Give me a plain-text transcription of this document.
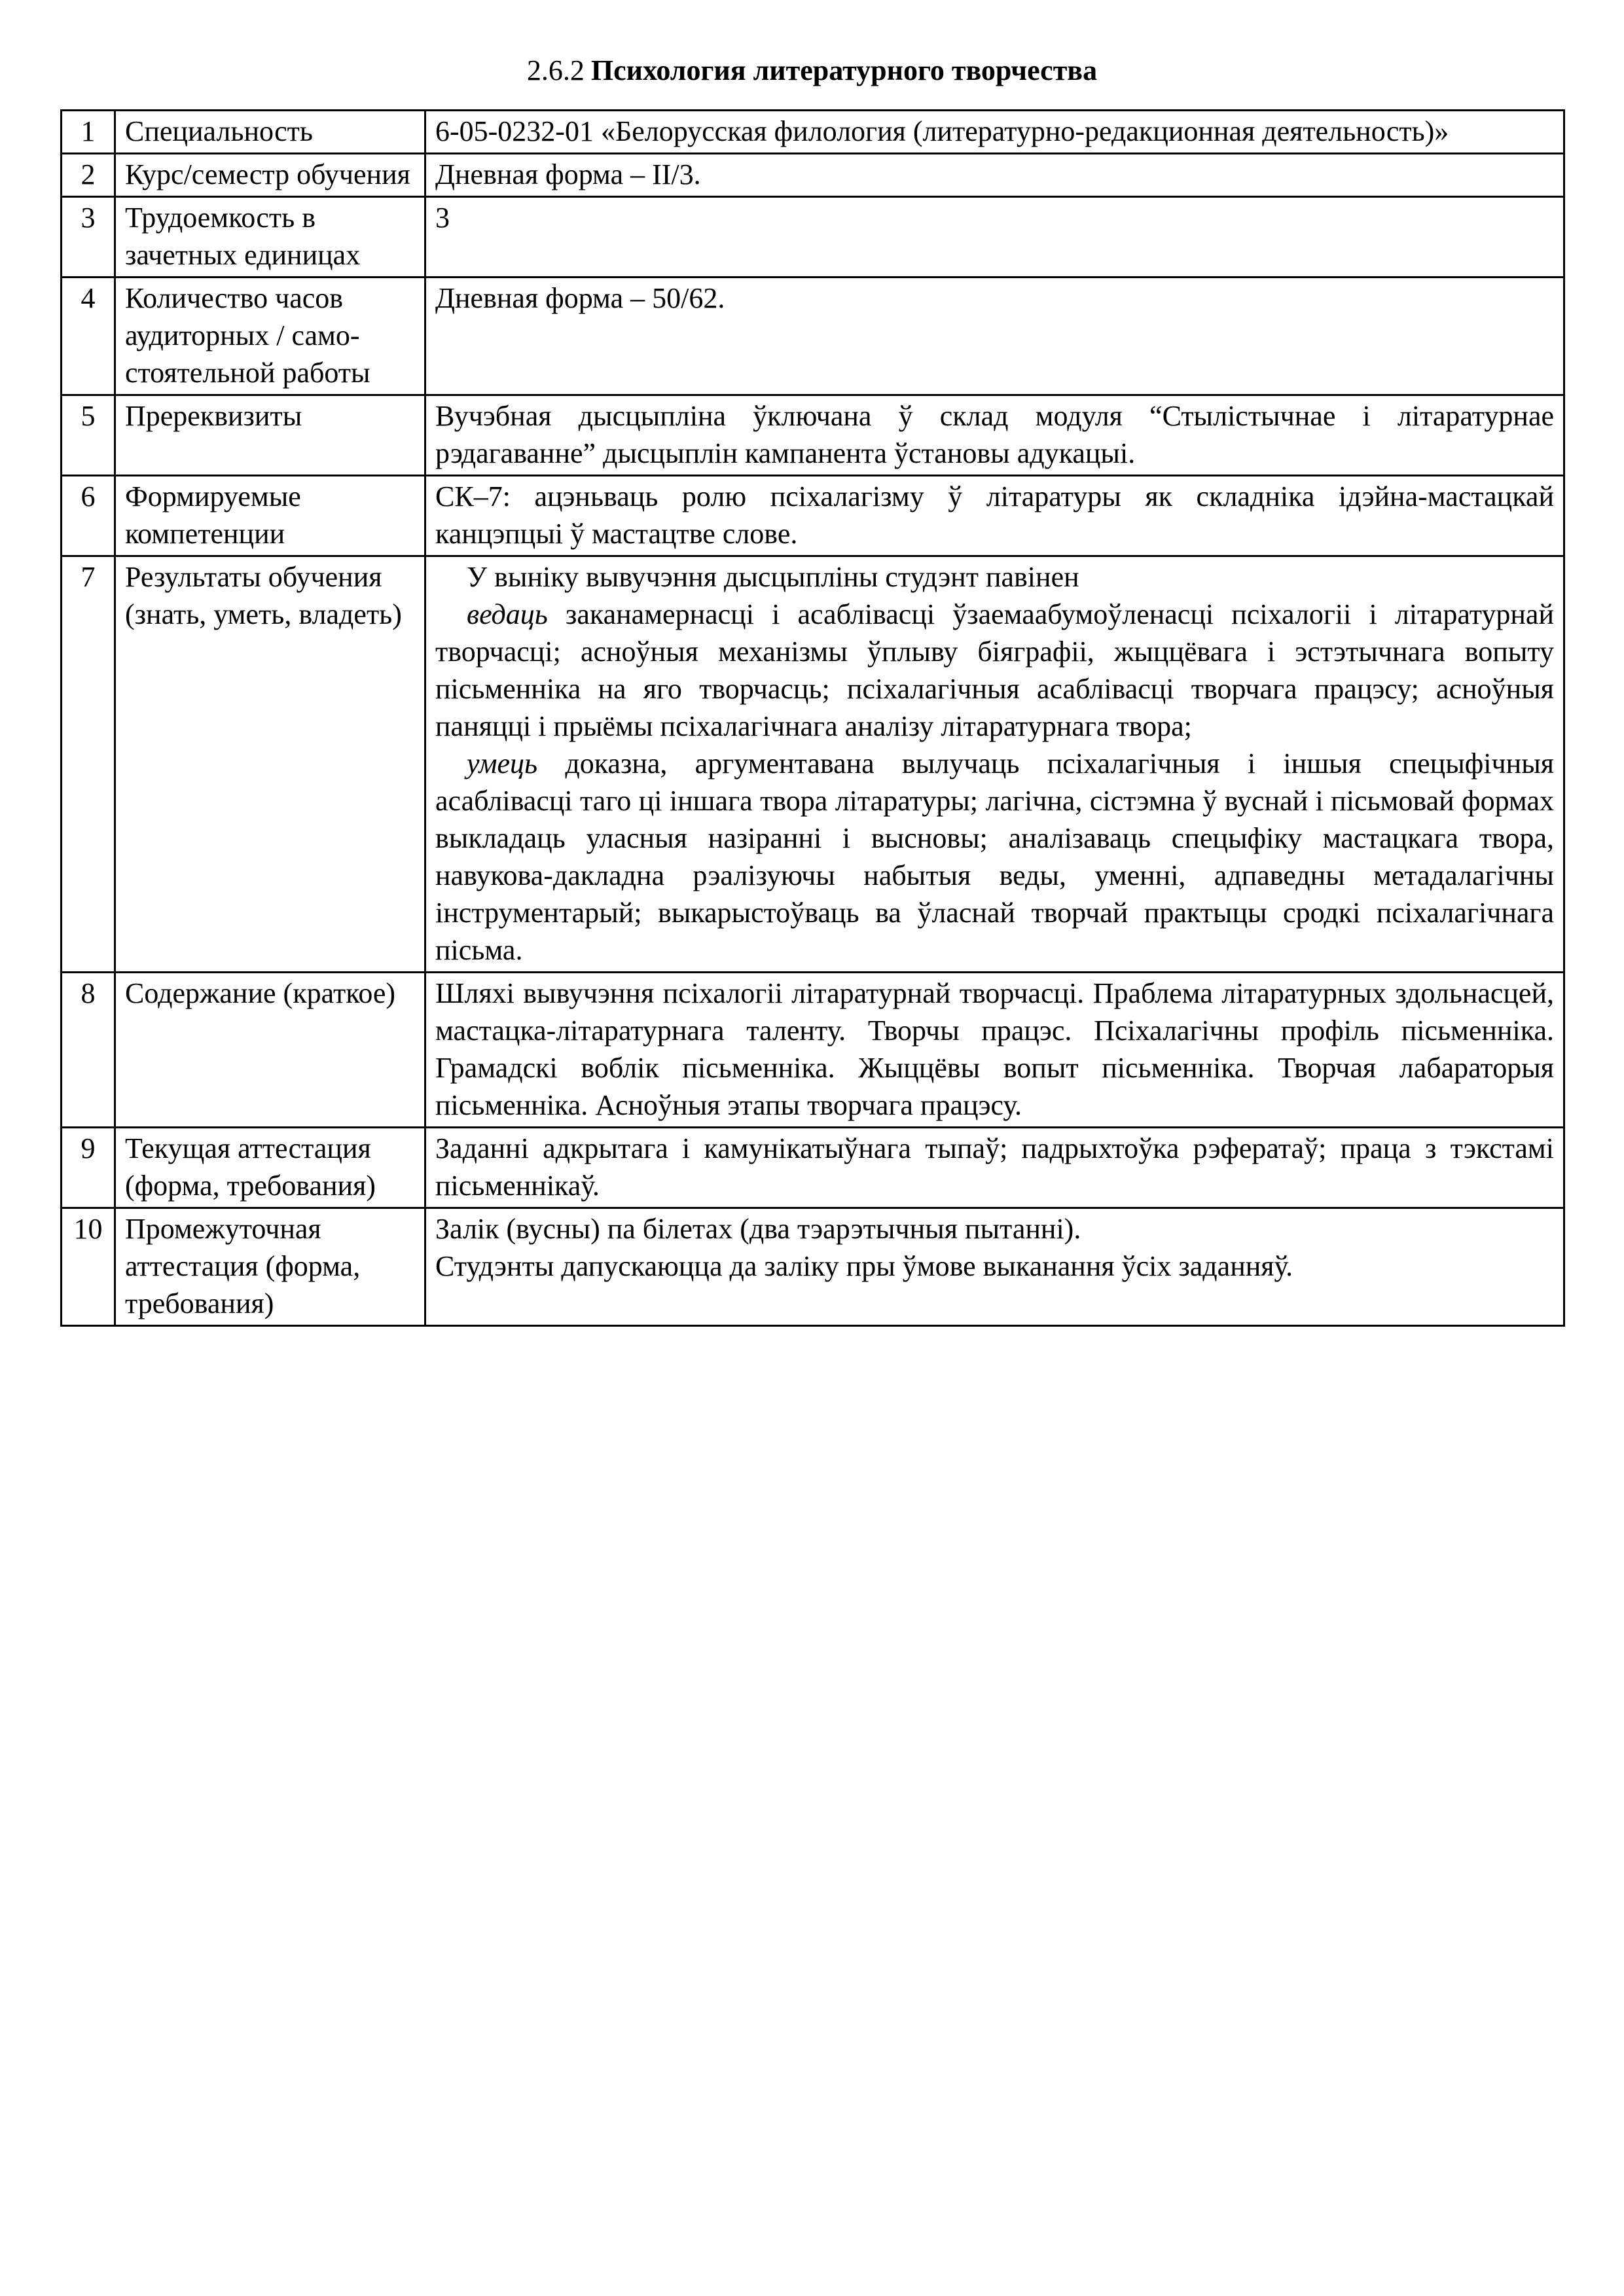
2.6.2 Психология литературного творчества
1	Специальность	6-05-0232-01 «Белорусская филология (литературно-редакционная деятельность)»
2	Курс/семестр обучения	Дневная форма – II/3.
3	Трудоемкость в зачетных единицах	3
4	Количество часов аудиторных / само-стоятельной работы	Дневная форма – 50/62.
5	Пререквизиты	Вучэбная дысцыпліна ўключана ў склад модуля “Стылістычнае і літаратурнае рэдагаванне” дысцыплін кампанента ўстановы адукацыі.
6	Формируемые компетенции	СК–7: ацэньваць ролю псіхалагізму ў літаратуры як складніка ідэйна-мастацкай канцэпцыі ў мастацтве слове.
7	Результаты обучения (знать, уметь, владеть)	У выніку вывучэння дысцыпліны студэнт павінен
ведаць заканамернасці і асаблівасці ўзаемаабумоўленасці псіхалогіі і літаратурнай творчасці; асноўныя механізмы ўплыву біяграфіі, жыццёвага і эстэтычнага вопыту пісьменніка на яго творчасць; псіхалагічныя асаблівасці творчага працэсу; асноўныя паняцці і прыёмы псіхалагічнага аналізу літаратурнага твора;
умець доказна, аргументавана вылучаць псіхалагічныя і іншыя спецыфічныя асаблівасці таго ці іншага твора літаратуры; лагічна, сістэмна ў вуснай і пісьмовай формах выкладаць уласныя назіранні і высновы; аналізаваць спецыфіку мастацкага твора, навукова-дакладна рэалізуючы набытыя веды, уменні, адпаведны метадалагічны інструментарый; выкарыстоўваць ва ўласнай творчай практыцы сродкі псіхалагічнага пісьма.

8	Содержание (краткое)	Шляхі вывучэння псіхалогіі літаратурнай творчасці. Праблема літаратурных здольнасцей, мастацка-літаратурнага таленту. Творчы працэс. Псіхалагічны профіль пісьменніка. Грамадскі воблік пісьменніка. Жыццёвы вопыт пісьменніка. Творчая лабараторыя пісьменніка. Асноўныя этапы творчага працэсу.
9	Текущая аттестация (форма, требования)	Заданні адкрытага і камунікатыўнага тыпаў; падрыхтоўка рэфератаў; праца з тэкстамі пісьменнікаў.
10	Промежуточная аттестация (форма, требования)	Залік (вусны) па білетах (два тэарэтычныя пытанні).
Студэнты дапускаюцца да заліку пры ўмове выканання ўсіх заданняў.
